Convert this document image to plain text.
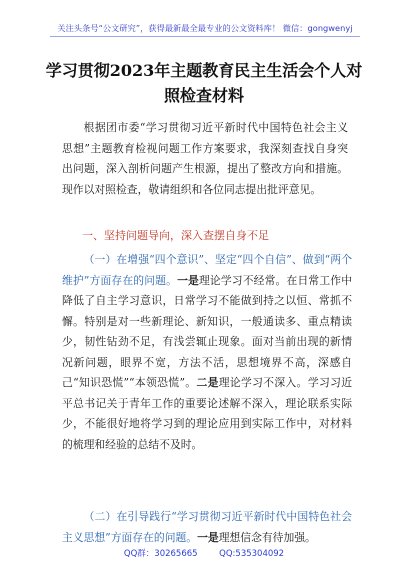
关注头条号“公文研究”，获得最新最全最专业的公文资料库！ 微信：gongwenyj
学习贯彻2023年主题教育民主生活会个人对照检查材料

根据团市委“学习贯彻习近平新时代中国特色社会主义思想”主题教育检视问题工作方案要求，我深刻查找自身突出问题，深入剖析问题产生根源，提出了整改方向和措施。现作以对照检查，敬请组织和各位同志提出批评意见。

一、坚持问题导向，深入查摆自身不足

（一）在增强“四个意识”、坚定“四个自信”、做到“两个维护”方面存在的问题。一是理论学习不经常。在日常工作中降低了自主学习意识，日常学习不能做到持之以恒、常抓不懈。特别是对一些新理论、新知识，一般通读多、重点精读少，韧性钻劲不足，有浅尝辄止现象。面对当前出现的新情况新问题，眼界不宽，方法不活，思想境界不高，深感自己“知识恐慌”“本领恐慌”。二是理论学习不深入。学习习近平总书记关于青年工作的重要论述解不深入，理论联系实际少，不能很好地将学习到的理论应用到实际工作中，对材料的梳理和经验的总结不及时。

（二）在引导践行“学习贯彻习近平新时代中国特色社会主义思想”方面存在的问题。一是理想信念有待加强。

QQ群：30265665        QQ:535304092
